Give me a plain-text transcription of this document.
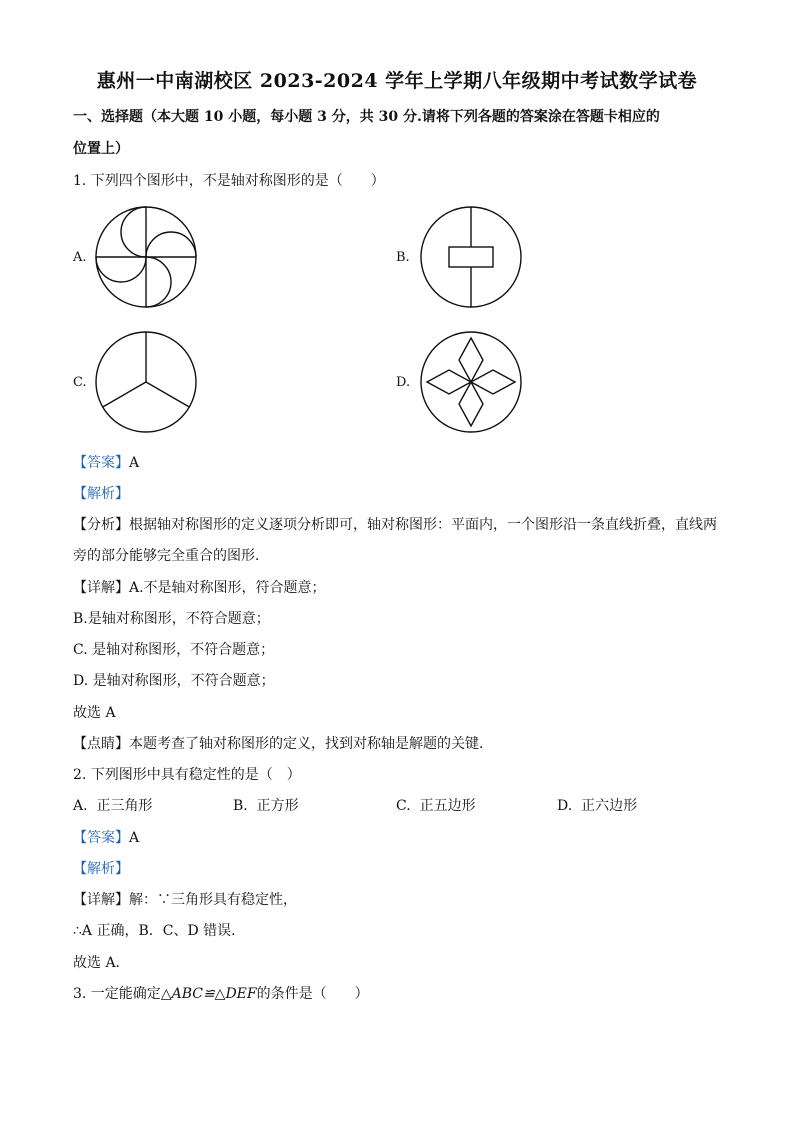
惠州一中南湖校区 2023-2024 学年上学期八年级期中考试数学试卷
一、选择题（本大题 10 小题，每小题 3 分，共 30 分.请将下列各题的答案涂在答题卡相应的
位置上）
1. 下列四个图形中，不是轴对称图形的是（　　）
A.	B.
C.	D.
【答案】A
【解析】
【分析】根据轴对称图形的定义逐项分析即可，轴对称图形：平面内，一个图形沿一条直线折叠，直线两
旁的部分能够完全重合的图形．
【详解】A.不是轴对称图形，符合题意；
B.是轴对称图形，不符合题意；
C. 是轴对称图形，不符合题意；
D. 是轴对称图形，不符合题意；
故选 A
【点睛】本题考查了轴对称图形的定义，找到对称轴是解题的关键．
2. 下列图形中具有稳定性的是（　）
A. 正三角形	B. 正方形	C. 正五边形	D. 正六边形
【答案】A
【解析】
【详解】解：∵三角形具有稳定性，
∴A 正确，B．C、D 错误．
故选 A．
3. 一定能确定△ABC≌△DEF的条件是（　　）
